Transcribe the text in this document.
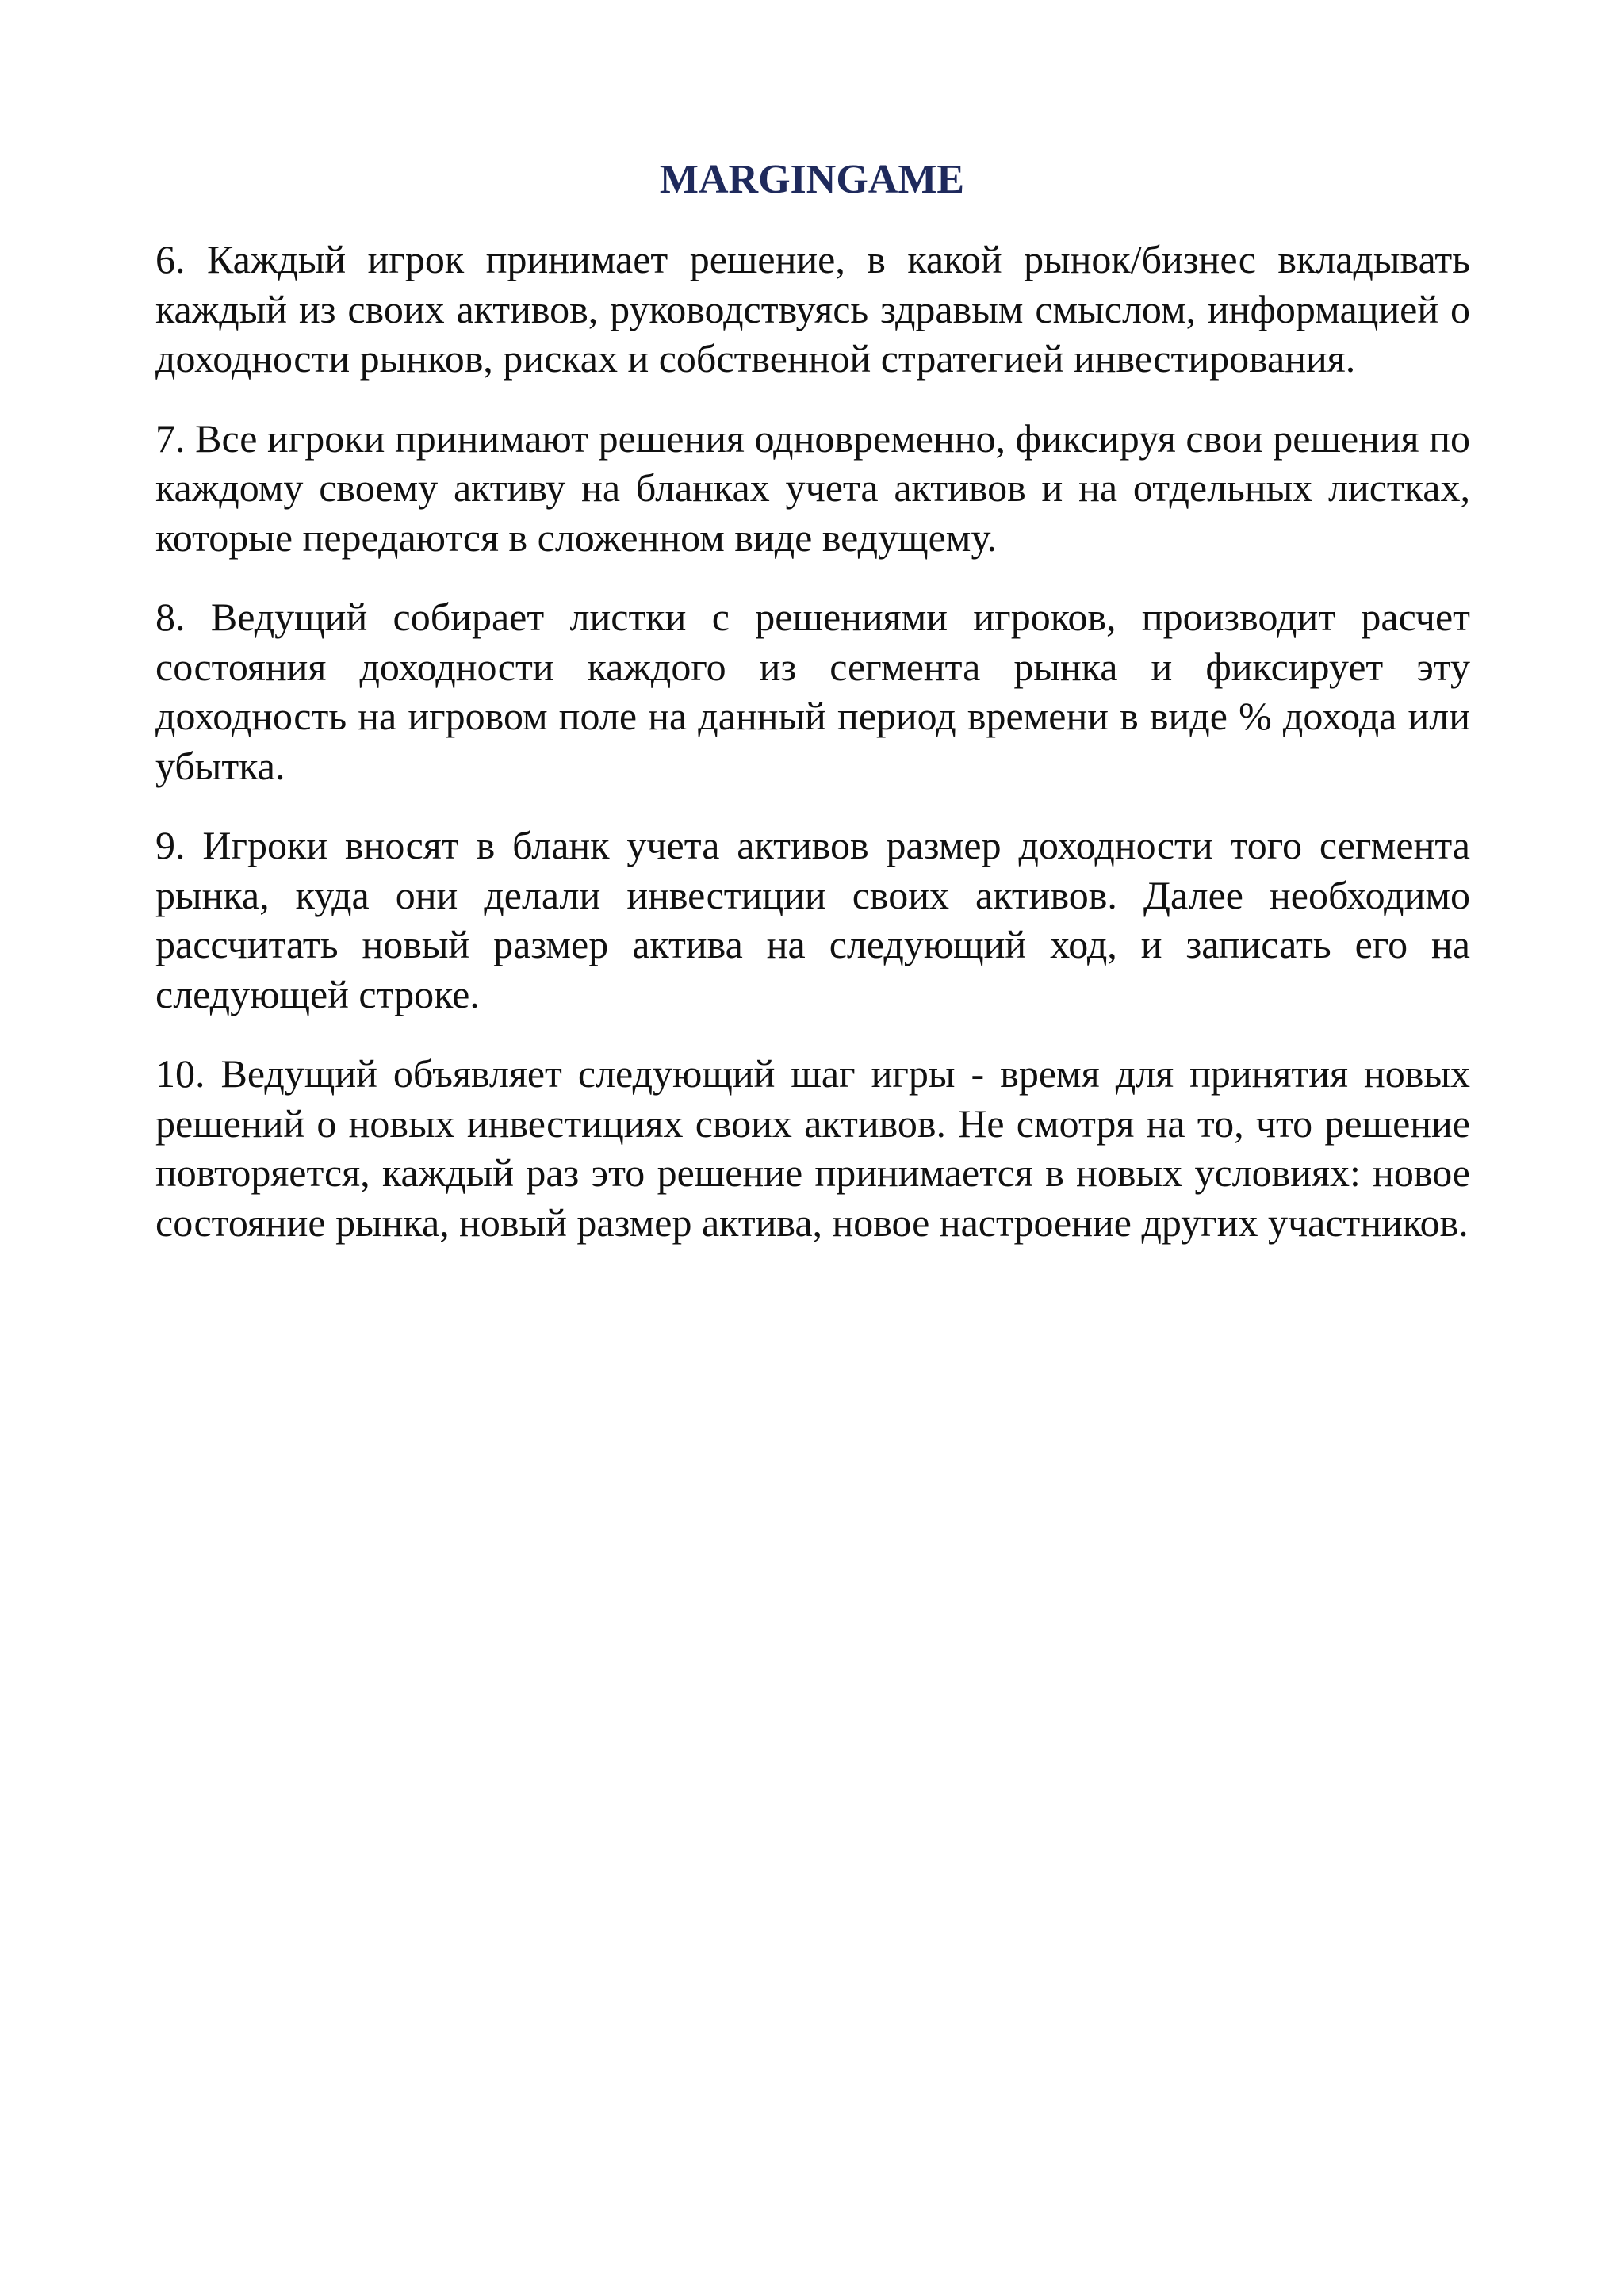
MARGINGAME

6. Каждый игрок принимает решение, в какой рынок/бизнес вкладывать каждый из своих активов, руководствуясь здравым смыслом, информацией о доходности рынков, рисках и собственной стратегией инвестирования.

7. Все игроки принимают решения одновременно, фиксируя свои решения по каждому своему активу на бланках учета активов и на отдельных листках, которые передаются в сложенном виде ведущему.

8. Ведущий собирает листки с решениями игроков, производит расчет состояния доходности каждого из сегмента рынка и фиксирует эту доходность на игровом поле на данный период времени в виде % дохода или убытка.

9. Игроки вносят в бланк учета активов размер доходности того сегмента рынка, куда они делали инвестиции своих активов. Далее необходимо рассчитать новый размер актива на следующий ход, и записать его на следующей строке.

10. Ведущий объявляет следующий шаг игры - время для принятия новых решений о новых инвестициях своих активов. Не смотря на то, что решение повторяется, каждый раз это решение принимается в новых условиях: новое состояние рынка, новый размер актива, новое настроение других участников.
